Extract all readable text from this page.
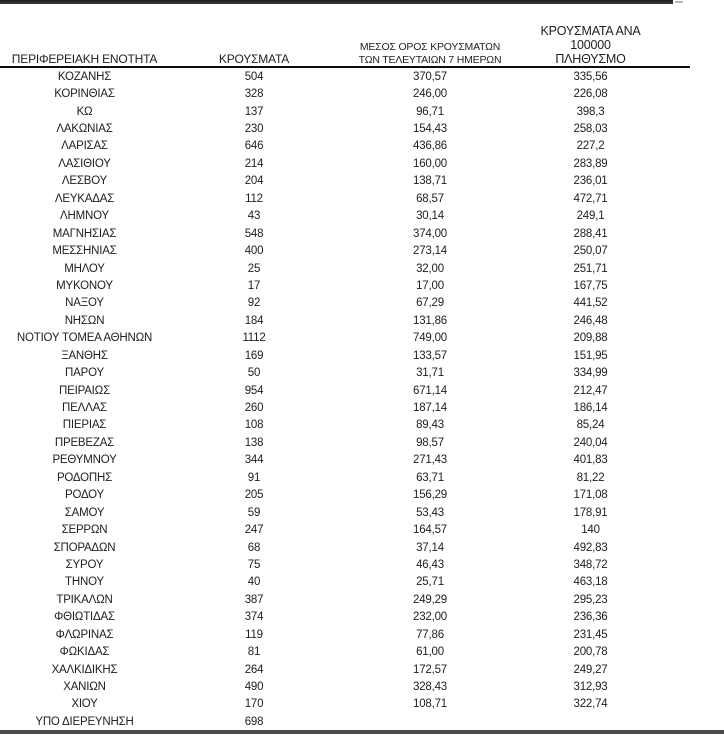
ΠΕΡΙΦΕΡΕΙΑΚΗ ΕΝΟΤΗΤΑ	ΚΡΟΥΣΜΑΤΑ
ΜΕΣΟΣ ΟΡΟΣ ΚΡΟΥΣΜΑΤΩΝ
ΤΩΝ ΤΕΛΕΥΤΑΙΩΝ 7 ΗΜΕΡΩΝ
ΚΡΟΥΣΜΑΤΑ ΑΝΑ 100000
ΠΛΗΘΥΣΜΟ
ΚΟΖΑΝΗΣ	504	370,57	335,56
ΚΟΡΙΝΘΙΑΣ	328	246,00	226,08
ΚΩ	137	96,71	398,3
ΛΑΚΩΝΙΑΣ	230	154,43	258,03
ΛΑΡΙΣΑΣ	646	436,86	227,2
ΛΑΣΙΘΙΟΥ	214	160,00	283,89
ΛΕΣΒΟΥ	204	138,71	236,01
ΛΕΥΚΑΔΑΣ	112	68,57	472,71
ΛΗΜΝΟΥ	43	30,14	249,1
ΜΑΓΝΗΣΙΑΣ	548	374,00	288,41
ΜΕΣΣΗΝΙΑΣ	400	273,14	250,07
ΜΗΛΟΥ	25	32,00	251,71
ΜΥΚΟΝΟΥ	17	17,00	167,75
ΝΑΞΟΥ	92	67,29	441,52
ΝΗΣΩΝ	184	131,86	246,48
ΝΟΤΙΟΥ ΤΟΜΕΑ ΑΘΗΝΩΝ	1112	749,00	209,88
ΞΑΝΘΗΣ	169	133,57	151,95
ΠΑΡΟΥ	50	31,71	334,99
ΠΕΙΡΑΙΩΣ	954	671,14	212,47
ΠΕΛΛΑΣ	260	187,14	186,14
ΠΙΕΡΙΑΣ	108	89,43	85,24
ΠΡΕΒΕΖΑΣ	138	98,57	240,04
ΡΕΘΥΜΝΟΥ	344	271,43	401,83
ΡΟΔΟΠΗΣ	91	63,71	81,22
ΡΟΔΟΥ	205	156,29	171,08
ΣΑΜΟΥ	59	53,43	178,91
ΣΕΡΡΩΝ	247	164,57	140
ΣΠΟΡΑΔΩΝ	68	37,14	492,83
ΣΥΡΟΥ	75	46,43	348,72
ΤΗΝΟΥ	40	25,71	463,18
ΤΡΙΚΑΛΩΝ	387	249,29	295,23
ΦΘΙΩΤΙΔΑΣ	374	232,00	236,36
ΦΛΩΡΙΝΑΣ	119	77,86	231,45
ΦΩΚΙΔΑΣ	81	61,00	200,78
ΧΑΛΚΙΔΙΚΗΣ	264	172,57	249,27
ΧΑΝΙΩΝ	490	328,43	312,93
ΧΙΟΥ	170	108,71	322,74
ΥΠΟ ΔΙΕΡΕΥΝΗΣΗ	698
